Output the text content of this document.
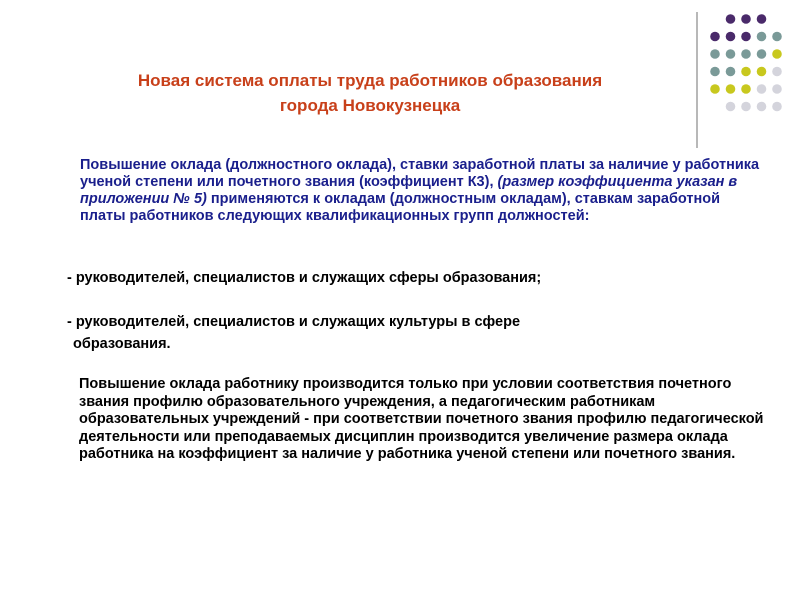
Новая система оплаты труда работников образования
города Новокузнецка
Повышение оклада (должностного оклада), ставки заработной платы за наличие у работника ученой степени или почетного звания (коэффициент К3), (размер коэффициента указан в приложении № 5) применяются к окладам (должностным окладам), ставкам заработной платы работников следующих квалификационных групп должностей:
- руководителей, специалистов и служащих сферы образования;
- руководителей, специалистов и служащих культуры в сфере
образования.
Повышение оклада работнику производится только при условии соответствия почетного звания профилю образовательного учреждения, а педагогическим работникам образовательных учреждений - при соответствии почетного звания профилю педагогической деятельности или преподаваемых дисциплин производится увеличение размера оклада работника на коэффициент за наличие у работника ученой степени или почетного звания.
